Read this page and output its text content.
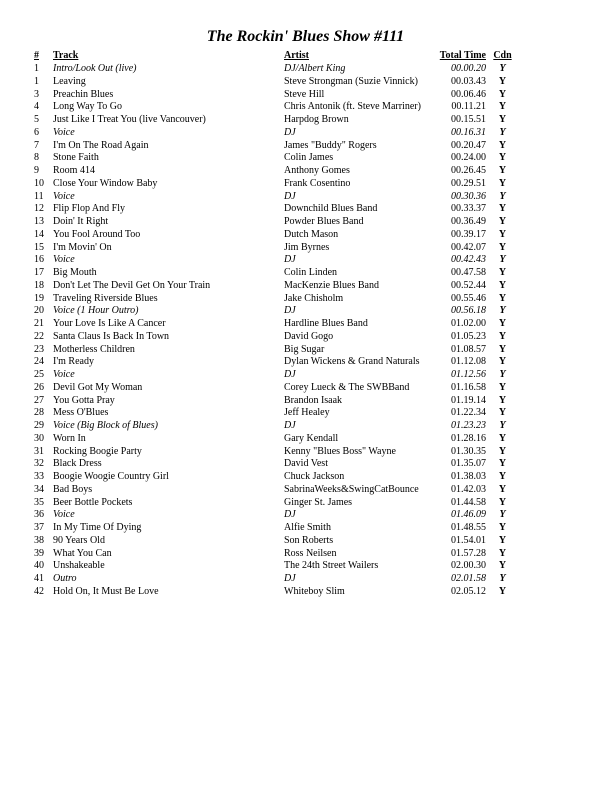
The Rockin' Blues Show #111
#	Track	Artist	Total Time	Cdn
1	Intro/Look Out (live)	DJ/Albert King	00.00.20	Y
1	Leaving	Steve Strongman (Suzie Vinnick)	00.03.43	Y
3	Preachin Blues	Steve Hill	00.06.46	Y
4	Long Way To Go	Chris Antonik (ft. Steve Marriner)	00.11.21	Y
5	Just Like I Treat You (live Vancouver)	Harpdog Brown	00.15.51	Y
6	Voice	DJ	00.16.31	Y
7	I'm On The Road Again	James "Buddy" Rogers	00.20.47	Y
8	Stone Faith	Colin James	00.24.00	Y
9	Room 414	Anthony Gomes	00.26.45	Y
10	Close Your Window Baby	Frank Cosentino	00.29.51	Y
11	Voice	DJ	00.30.36	Y
12	Flip Flop And Fly	Downchild Blues Band	00.33.37	Y
13	Doin' It Right	Powder Blues Band	00.36.49	Y
14	You Fool Around Too	Dutch Mason	00.39.17	Y
15	I'm Movin' On	Jim Byrnes	00.42.07	Y
16	Voice	DJ	00.42.43	Y
17	Big Mouth	Colin Linden	00.47.58	Y
18	Don't Let The Devil Get On Your Train	MacKenzie Blues Band	00.52.44	Y
19	Traveling Riverside Blues	Jake Chisholm	00.55.46	Y
20	Voice (1 Hour Outro)	DJ	00.56.18	Y
21	Your Love Is Like A Cancer	Hardline Blues Band	01.02.00	Y
22	Santa Claus Is Back In Town	David Gogo	01.05.23	Y
23	Motherless Children	Big Sugar	01.08.57	Y
24	I'm Ready	Dylan Wickens & Grand Naturals	01.12.08	Y
25	Voice	DJ	01.12.56	Y
26	Devil Got My Woman	Corey Lueck & The SWBBand	01.16.58	Y
27	You Gotta Pray	Brandon Isaak	01.19.14	Y
28	Mess O'Blues	Jeff Healey	01.22.34	Y
29	Voice (Big Block of Blues)	DJ	01.23.23	Y
30	Worn In	Gary Kendall	01.28.16	Y
31	Rocking Boogie Party	Kenny "Blues Boss" Wayne	01.30.35	Y
32	Black Dress	David Vest	01.35.07	Y
33	Boogie Woogie Country Girl	Chuck Jackson	01.38.03	Y
34	Bad Boys	SabrinaWeeks&SwingCatBounce	01.42.03	Y
35	Beer Bottle Pockets	Ginger St. James	01.44.58	Y
36	Voice	DJ	01.46.09	Y
37	In My Time Of Dying	Alfie Smith	01.48.55	Y
38	90 Years Old	Son Roberts	01.54.01	Y
39	What You Can	Ross Neilsen	01.57.28	Y
40	Unshakeable	The 24th Street Wailers	02.00.30	Y
41	Outro	DJ	02.01.58	Y
42	Hold On, It Must Be Love	Whiteboy Slim	02.05.12	Y
